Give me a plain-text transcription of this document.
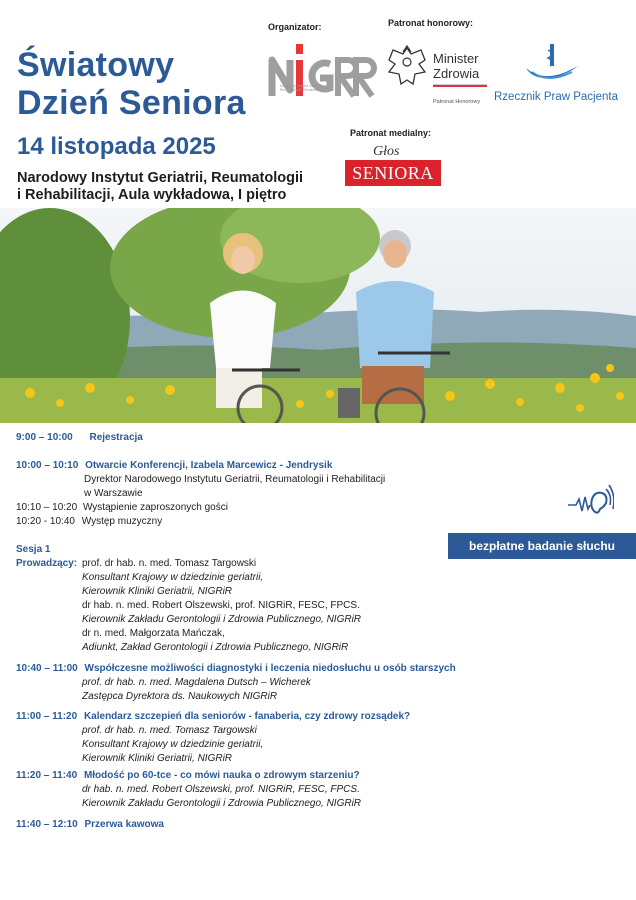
Światowy
Dzień Seniora
14 listopada 2025
Narodowy Instytut Geriatrii, Reumatologii
i Rehabilitacji, Aula wykładowa, I piętro
Organizator:	Patronat honorowy:
Patronat medialny:
Narodowy Instytut Geriatrii, Reumatologii i Rehabilitacji
Minister
Zdrowia
Patronat Honorowy Rzecznik Praw Pacjenta
Głos
SENIORA
9:00 – 10:00 Rejestracja
10:00 – 10:10 Otwarcie Konferencji, Izabela Marcewicz - Jendrysik
Dyrektor Narodowego Instytutu Geriatrii, Reumatologii i Rehabilitacji
w Warszawie
10:10 – 10:20 Wystąpienie zaproszonych gości
10:20 - 10:40 Występ muzyczny
Sesja 1
Prowadzący: prof. dr hab. n. med. Tomasz Targowski
Konsultant Krajowy w dziedzinie geriatrii,
Kierownik Kliniki Geriatrii, NIGRiR
dr hab. n. med. Robert Olszewski, prof. NIGRiR, FESC, FPCS.
Kierownik Zakładu Gerontologii i Zdrowia Publicznego, NIGRiR
dr n. med. Małgorzata Mańczak,
Adiunkt, Zakład Gerontologii i Zdrowia Publicznego, NIGRiR
10:40 – 11:00 Współczesne możliwości diagnostyki i leczenia niedosłuchu u osób starszych
prof. dr hab. n. med. Magdalena Dutsch – Wicherek
Zastępca Dyrektora ds. Naukowych NIGRiR
11:00 – 11:20 Kalendarz szczepień dla seniorów - fanaberia, czy zdrowy rozsądek?
prof. dr hab. n. med. Tomasz Targowski
Konsultant Krajowy w dziedzinie geriatrii,
Kierownik Kliniki Geriatrii, NIGRiR
11:20 – 11:40 Młodość po 60-tce - co mówi nauka o zdrowym starzeniu?
dr hab. n. med. Robert Olszewski, prof. NIGRiR, FESC, FPCS.
Kierownik Zakładu Gerontologii i Zdrowia Publicznego, NIGRiR
11:40 – 12:10 Przerwa kawowa
bezpłatne badanie słuchu
